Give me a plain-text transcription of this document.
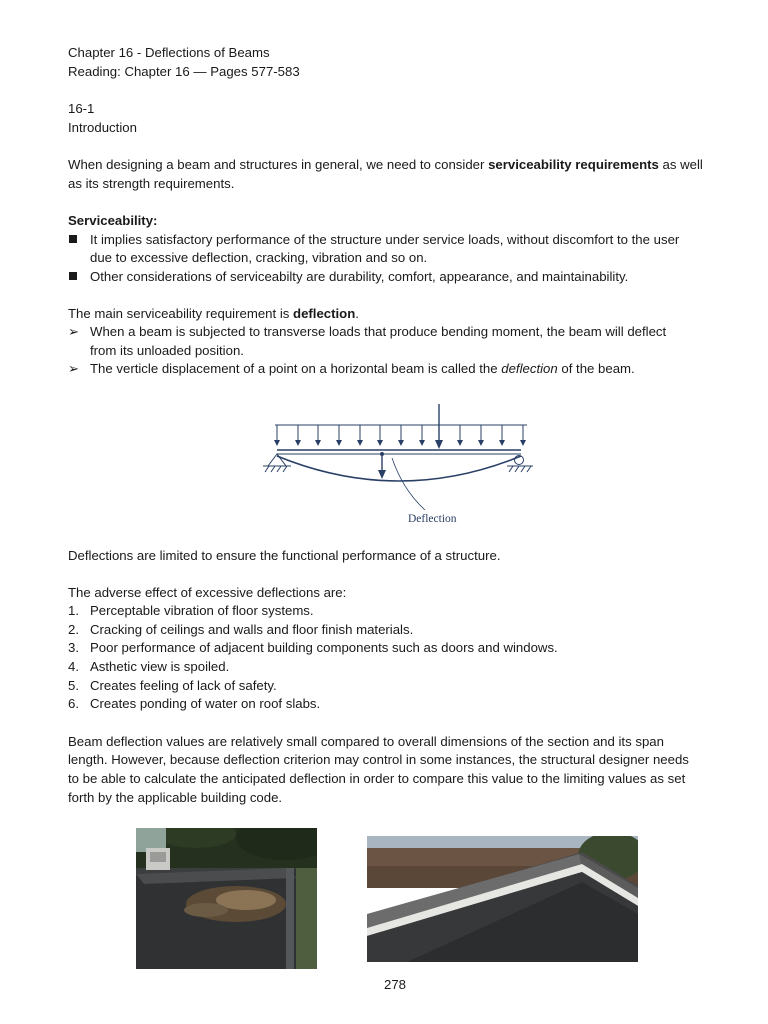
Chapter 16 - Deflections of Beams
Reading: Chapter 16 — Pages 577-583
16-1
Introduction
When designing a beam and structures in general, we need to consider serviceability requirements as well
as its strength requirements.
Serviceability:
It implies satisfactory performance of the structure under service loads, without discomfort to the user
due to excessive deflection, cracking, vibration and so on.
Other considerations of serviceabilty are durability, comfort, appearance, and maintainability.
The main serviceability requirement is deflection.
➢ When a beam is subjected to transverse loads that produce bending moment, the beam will deflect
from its unloaded position.
➢ The verticle displacement of a point on a horizontal beam is called the deflection of the beam.
Deflection
Deflections are limited to ensure the functional performance of a structure.
The adverse effect of excessive deflections are:
1. Perceptable vibration of floor systems.
2. Cracking of ceilings and walls and floor finish materials.
3. Poor performance of adjacent building components such as doors and windows.
4. Asthetic view is spoiled.
5. Creates feeling of lack of safety.
6. Creates ponding of water on roof slabs.
Beam deflection values are relatively small compared to overall dimensions of the section and its span
length. However, because deflection criterion may control in some instances, the structural designer needs
to be able to calculate the anticipated deflection in order to compare this value to the limiting values as set
forth by the applicable building code.
278
